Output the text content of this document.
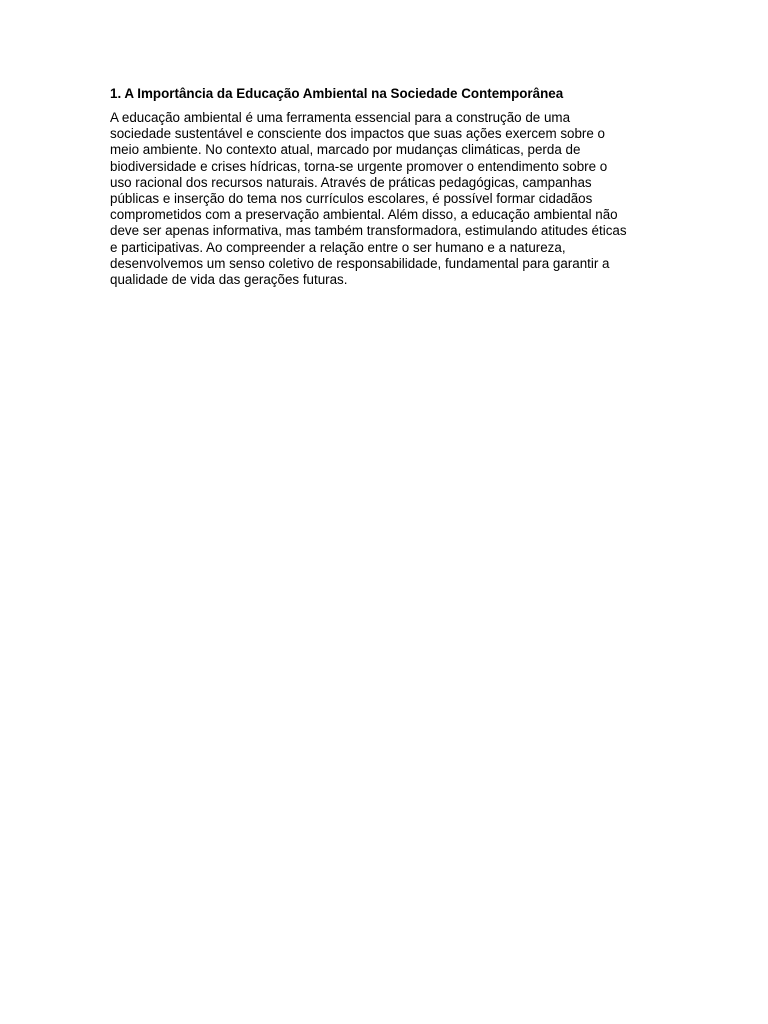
1. A Importância da Educação Ambiental na Sociedade Contemporânea

A educação ambiental é uma ferramenta essencial para a construção de uma
sociedade sustentável e consciente dos impactos que suas ações exercem sobre o
meio ambiente. No contexto atual, marcado por mudanças climáticas, perda de
biodiversidade e crises hídricas, torna-se urgente promover o entendimento sobre o
uso racional dos recursos naturais. Através de práticas pedagógicas, campanhas
públicas e inserção do tema nos currículos escolares, é possível formar cidadãos
comprometidos com a preservação ambiental. Além disso, a educação ambiental não
deve ser apenas informativa, mas também transformadora, estimulando atitudes éticas
e participativas. Ao compreender a relação entre o ser humano e a natureza,
desenvolvemos um senso coletivo de responsabilidade, fundamental para garantir a
qualidade de vida das gerações futuras.
